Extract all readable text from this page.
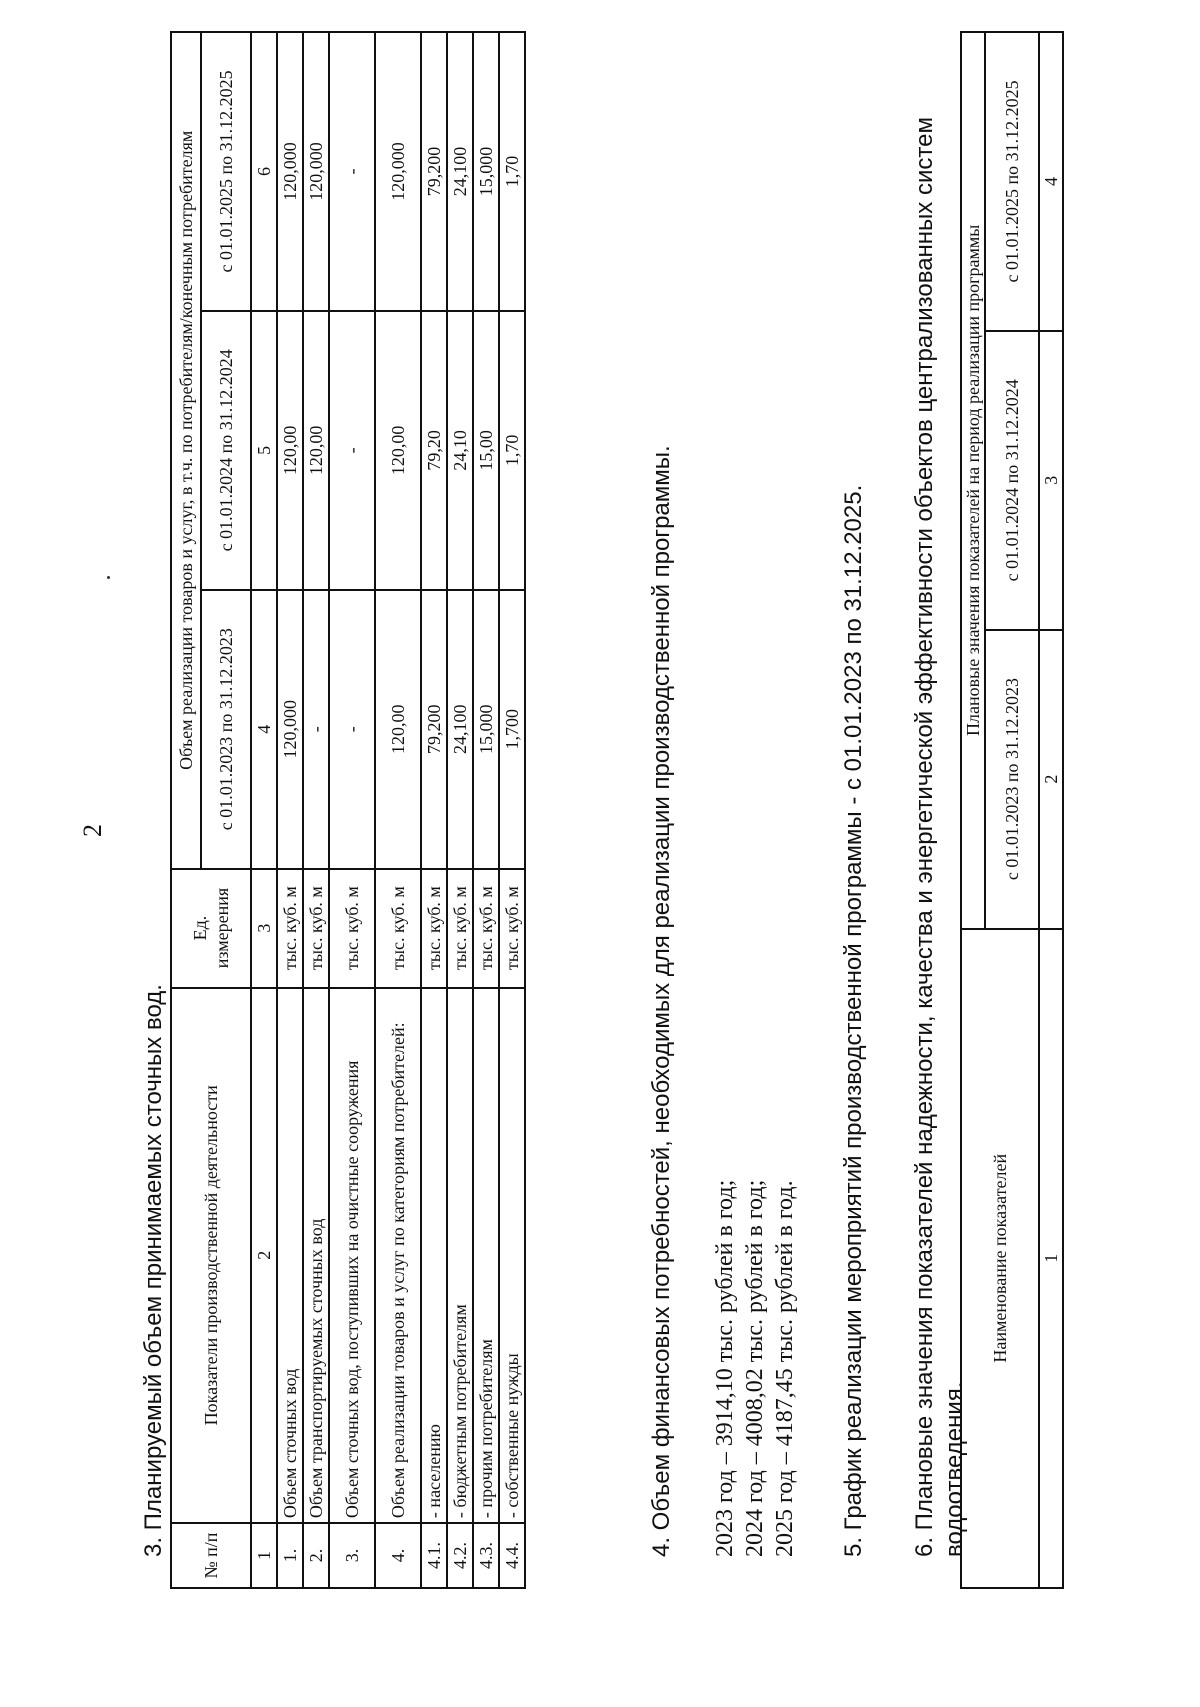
2
3. Планируемый объем принимаемых сточных вод. № п/п	Показатели производственной деятельности	Ед. измерения	Объем реализации товаров и услуг, в т.ч. по потребителям/конечным потребителям		
			с 01.01.2023 по 31.12.2023	с 01.01.2024 по 31.12.2024	с 01.01.2025 по 31.12.2025
1	2	3	4	5	6
1.	Объем сточных вод	тыс. куб. м	120,000	120,00	120,000
2.	Объем транспортируемых сточных вод	тыс. куб. м	-	120,00	120,000
3.	Объем сточных вод, поступивших на очистные сооружения	тыс. куб. м	-	-	-
4.	Объем реализации товаров и услуг по категориям потребителей:	тыс. куб. м	120,00	120,00	120,000
4.1.	- населению	тыс. куб. м	79,200	79,20	79,200
4.2.	- бюджетным потребителям	тыс. куб. м	24,100	24,10	24,100
4.3.	- прочим потребителям	тыс. куб. м	15,000	15,00	15,000
4.4.	- собственные нужды	тыс. куб. м	1,700	1,70	1,70
4. Объем финансовых потребностей, необходимых для реализации производственной программы. 2023 год – 3914,10 тыс. рублей в год; 2024 год – 4008,02 тыс. рублей в год; 2025 год – 4187,45 тыс. рублей в год. 5. График реализации мероприятий производственной программы - с 01.01.2023 по 31.12.2025. 6. Плановые значения показателей надежности, качества и энергетической эффективности объектов централизованных систем водоотведения.
Наименование показателей	Плановые значения показателей на период реализации программы		
	с 01.01.2023 по 31.12.2023	с 01.01.2024 по 31.12.2024	с 01.01.2025 по 31.12.2025
1	2	3	4
